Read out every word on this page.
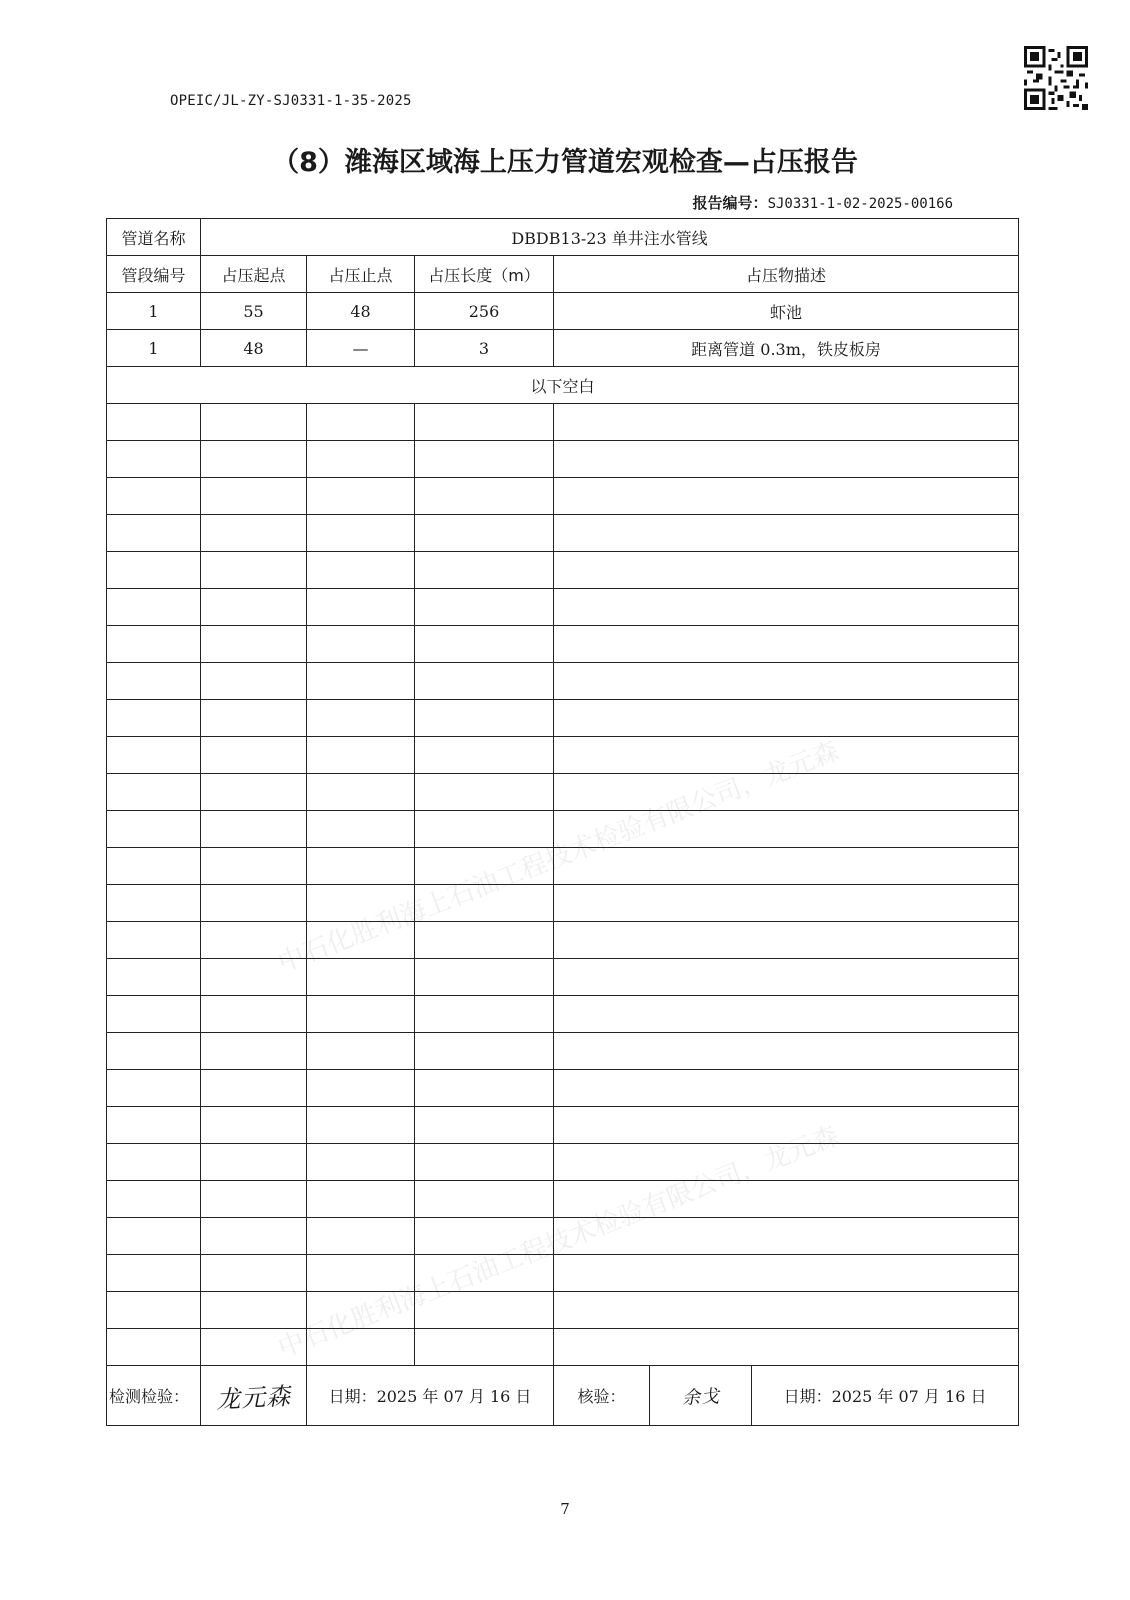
OPEIC/JL-ZY-SJ0331-1-35-2025
（8）潍海区域海上压力管道宏观检查—占压报告
报告编号：SJ0331-1-02-2025-00166
中石化胜利海上石油工程技术检验有限公司，龙元森
中石化胜利海上石油工程技术检验有限公司，龙元森
管道名称	DBDB13-23 单井注水管线					
管段编号	占压起点	占压止点	占压长度（m）	占压物描述		
1	55	48	256	虾池		
1	48	—	3	距离管道 0.3m，铁皮板房		
以下空白						

检测检验：	龙元森	日期：2025 年 07 月 16 日		核验：	余戈	日期：2025 年 07 月 16 日
7
